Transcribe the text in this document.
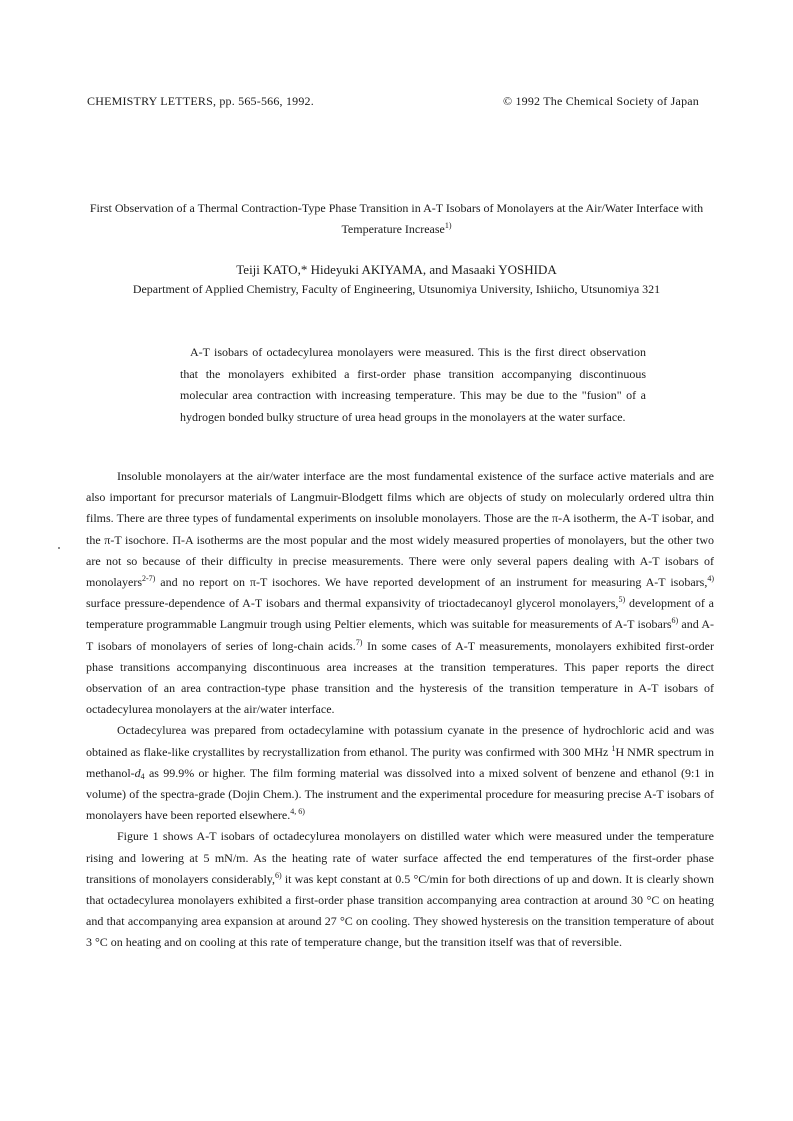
CHEMISTRY LETTERS, pp. 565-566, 1992.	© 1992 The Chemical Society of Japan
First Observation of a Thermal Contraction-Type Phase Transition in A-T Isobars of Monolayers at the Air/Water Interface with Temperature Increase$^{1)}$
Teiji KATO,* Hideyuki AKIYAMA, and Masaaki YOSHIDA
Department of Applied Chemistry, Faculty of Engineering, Utsunomiya University, Ishiicho, Utsunomiya 321
A-T isobars of octadecylurea monolayers were measured. This is the first direct observation that the monolayers exhibited a first-order phase transition accompanying discontinuous molecular area contraction with increasing temperature. This may be due to the "fusion" of a hydrogen bonded bulky structure of urea head groups in the monolayers at the water surface.

Insoluble monolayers at the air/water interface are the most fundamental existence of the surface active materials and are also important for precursor materials of Langmuir-Blodgett films which are objects of study on molecularly ordered ultra thin films. There are three types of fundamental experiments on insoluble monolayers. Those are the π-A isotherm, the A-T isobar, and the π-T isochore. Π-A isotherms are the most popular and the most widely measured properties of monolayers, but the other two are not so because of their difficulty in precise measurements. There were only several papers dealing with A-T isobars of monolayers$^{2-7)}$ and no report on π-T isochores. We have reported development of an instrument for measuring A-T isobars,$^{4)}$ surface pressure-dependence of A-T isobars and thermal expansivity of trioctadecanoyl glycerol monolayers,$^{5)}$ development of a temperature programmable Langmuir trough using Peltier elements, which was suitable for measurements of A-T isobars$^{6)}$ and A-T isobars of monolayers of series of long-chain acids.$^{7)}$ In some cases of A-T measurements, monolayers exhibited first-order phase transitions accompanying discontinuous area increases at the transition temperatures. This paper reports the direct observation of an area contraction-type phase transition and the hysteresis of the transition temperature in A-T isobars of octadecylurea monolayers at the air/water interface.

Octadecylurea was prepared from octadecylamine with potassium cyanate in the presence of hydrochloric acid and was obtained as flake-like crystallites by recrystallization from ethanol. The purity was confirmed with 300 MHz $^1$H NMR spectrum in methanol-$d_4$ as 99.9% or higher. The film forming material was dissolved into a mixed solvent of benzene and ethanol (9:1 in volume) of the spectra-grade (Dojin Chem.). The instrument and the experimental procedure for measuring precise A-T isobars of monolayers have been reported elsewhere.$^{4, 6)}$

Figure 1 shows A-T isobars of octadecylurea monolayers on distilled water which were measured under the temperature rising and lowering at 5 mN/m. As the heating rate of water surface affected the end temperatures of the first-order phase transitions of monolayers considerably,$^{6)}$ it was kept constant at 0.5 °C/min for both directions of up and down. It is clearly shown that octadecylurea monolayers exhibited a first-order phase transition accompanying area contraction at around 30 °C on heating and that accompanying area expansion at around 27 °C on cooling. They showed hysteresis on the transition temperature of about 3 °C on heating and on cooling at this rate of temperature change, but the transition itself was that of reversible.
